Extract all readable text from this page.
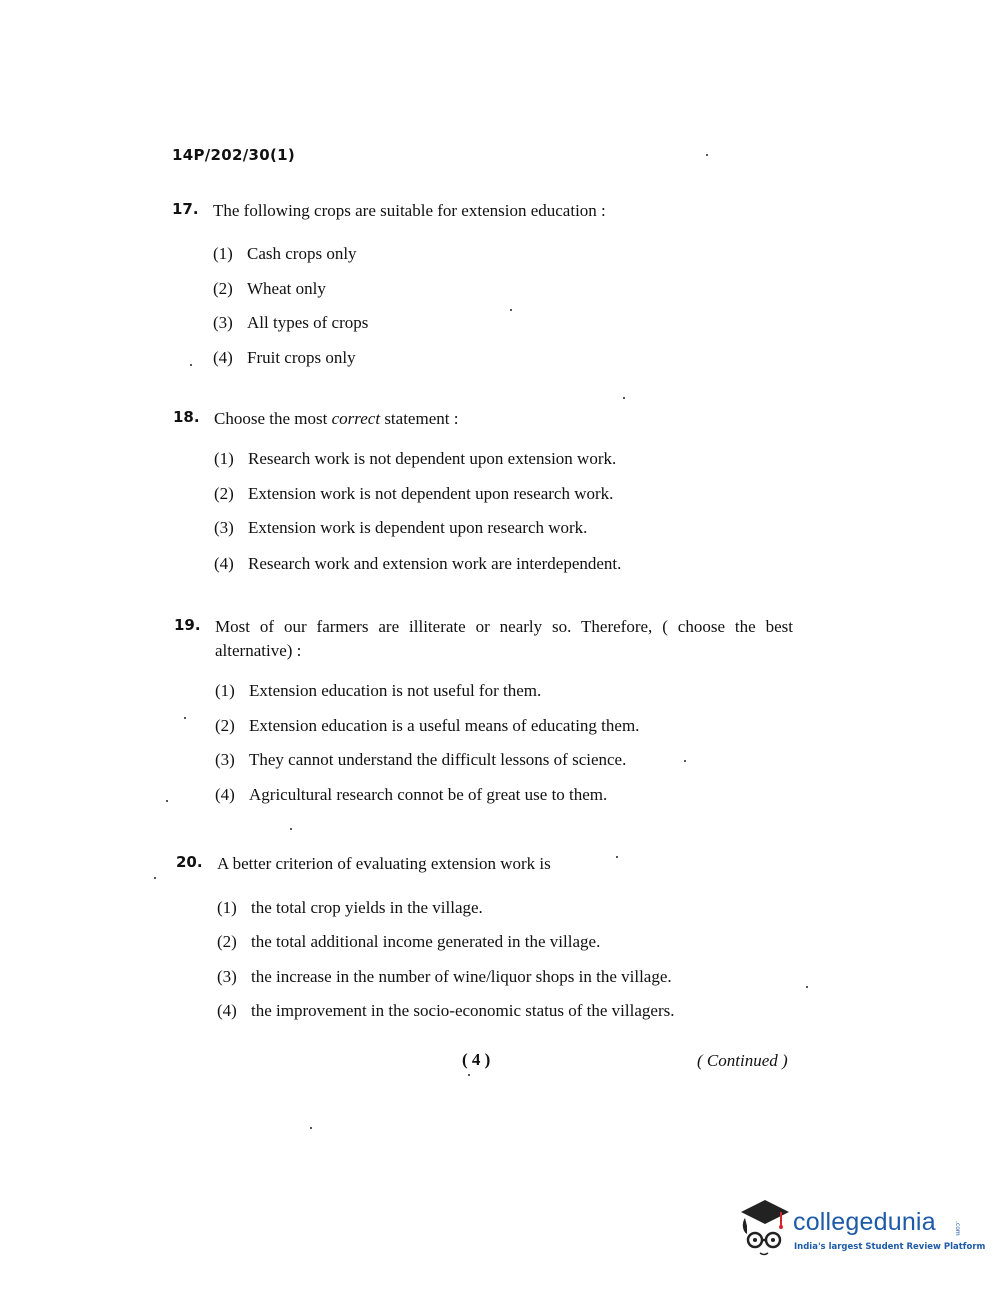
14P/202/30(1)
17. The following crops are suitable for extension education :
(1) Cash crops only
(2) Wheat only
(3) All types of crops
(4) Fruit crops only
18. Choose the most correct statement :
(1) Research work is not dependent upon extension work.
(2) Extension work is not dependent upon research work.
(3) Extension work is dependent upon research work.
(4) Research work and extension work are interdependent.
19. Most of our farmers are illiterate or nearly so. Therefore, ( choose the best alternative) :
(1) Extension education is not useful for them.
(2) Extension education is a useful means of educating them.
(3) They cannot understand the difficult lessons of science.
(4) Agricultural research connot be of great use to them.
20. A better criterion of evaluating extension work is
(1) the total crop yields in the village.
(2) the total additional income generated in the village.
(3) the increase in the number of wine/liquor shops in the village.
(4) the improvement in the socio-economic status of the villagers.
( 4 )	( Continued )
collegedunia	.com
India's largest Student Review Platform
